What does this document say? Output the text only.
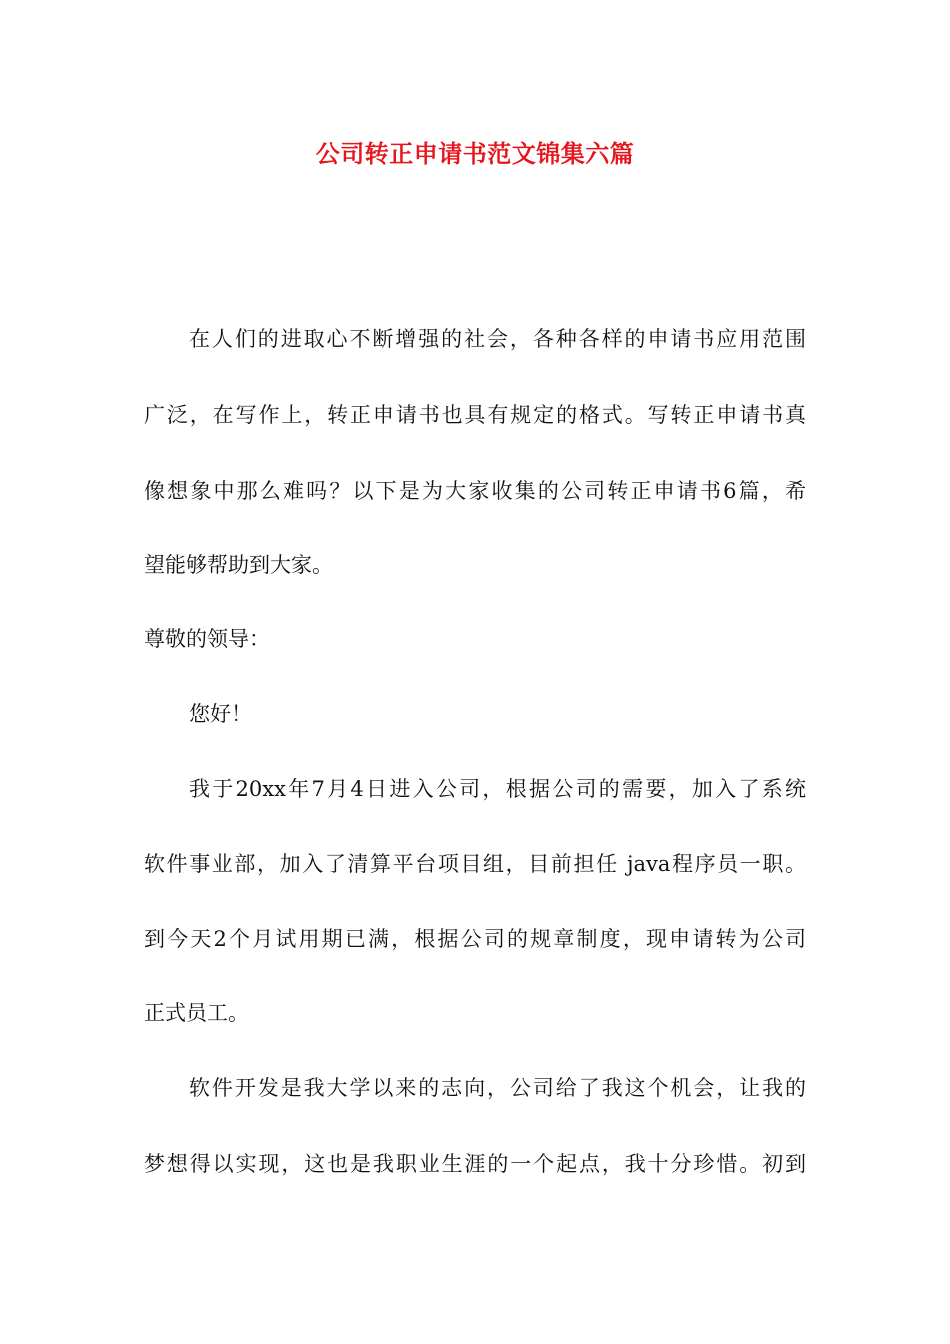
公司转正申请书范文锦集六篇
在人们的进取心不断增强的社会，各种各样的申请书应用范围
广泛，在写作上，转正申请书也具有规定的格式。写转正申请书真
像想象中那么难吗？以下是为大家收集的公司转正申请书6篇，希
望能够帮助到大家。
尊敬的领导：
您好！
我于20xx年7月4日进入公司，根据公司的需要，加入了系统
软件事业部，加入了清算平台项目组，目前担任 java程序员一职。
到今天2个月试用期已满，根据公司的规章制度，现申请转为公司
正式员工。
软件开发是我大学以来的志向，公司给了我这个机会，让我的
梦想得以实现，这也是我职业生涯的一个起点，我十分珍惜。初到
